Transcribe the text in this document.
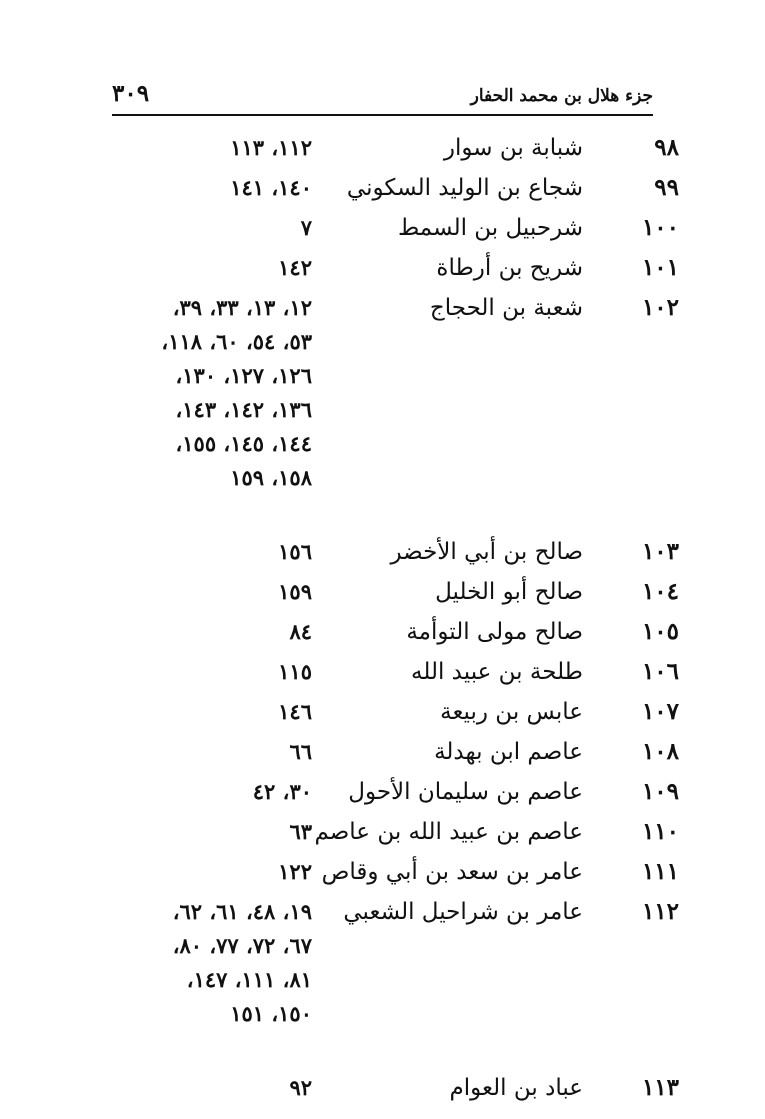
جزء هلال بن محمد الحفار
٣٠٩
٩٨
شبابة بن سوار
١١٢، ١١٣
٩٩
شجاع بن الوليد السكوني
١٤٠، ١٤١
١٠٠
شرحبيل بن السمط
٧
١٠١
شريح بن أرطاة
١٤٢
١٠٢
شعبة بن الحجاج
١٢، ١٣، ٣٣، ٣٩،
٥٣، ٥٤، ٦٠، ١١٨،
١٢٦، ١٢٧، ١٣٠،
١٣٦، ١٤٢، ١٤٣،
١٤٤، ١٤٥، ١٥٥،
١٥٨، ١٥٩
١٠٣
صالح بن أبي الأخضر
١٥٦
١٠٤
صالح أبو الخليل
١٥٩
١٠٥
صالح مولى التوأمة
٨٤
١٠٦
طلحة بن عبيد الله
١١٥
١٠٧
عابس بن ربيعة
١٤٦
١٠٨
عاصم ابن بهدلة
٦٦
١٠٩
عاصم بن سليمان الأحول
٣٠، ٤٢
١١٠
عاصم بن عبيد الله بن عاصم
٦٣
١١١
عامر بن سعد بن أبي وقاص
١٢٢
١١٢
عامر بن شراحيل الشعبي
١٩، ٤٨، ٦١، ٦٢،
٦٧، ٧٢، ٧٧، ٨٠،
٨١، ١١١، ١٤٧،
١٥٠، ١٥١
١١٣
عباد بن العوام
٩٢
